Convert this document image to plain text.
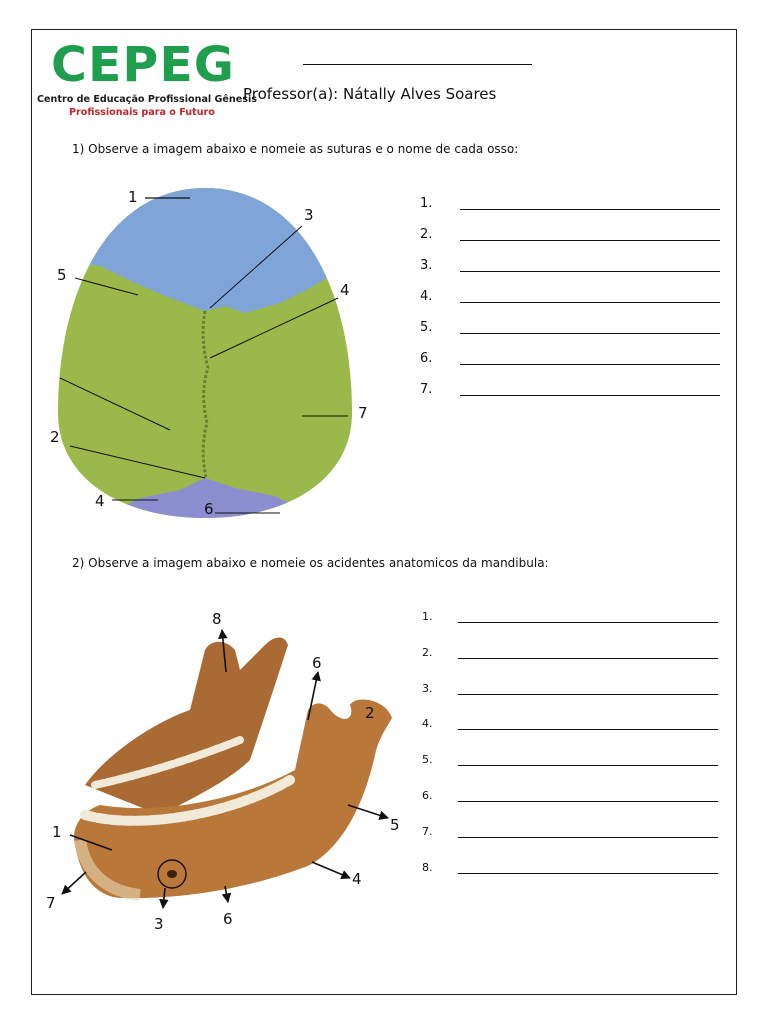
CEPEG
Centro de Educação Profissional Gênesis
Profissionais para o Futuro
Professor(a): Nátally Alves Soares
1) Observe a imagem abaixo e nomeie as suturas e o nome de cada osso:
1
3
5
4
7
2
4	6
1.
2.
3.
4.
5.
6.
7.
2) Observe a imagem abaixo e nomeie os acidentes anatomicos da mandibula:
8
6
2
5
1
4
7
3	6
1.
2.
3.
4.
5.
6.
7.
8.
